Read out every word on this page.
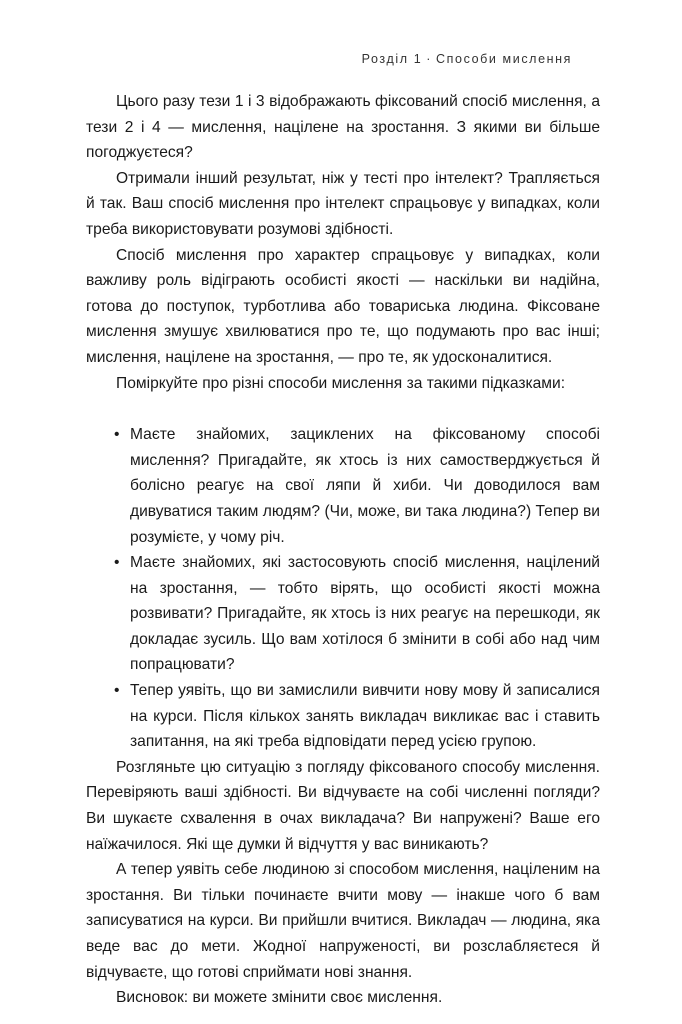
Розділ 1 · Способи мислення

Цього разу тези 1 і 3 відображають фіксований спосіб мислення, а тези 2 і 4 — мислення, націлене на зростання. З якими ви більше погоджуєтеся?

Отримали інший результат, ніж у тесті про інтелект? Трапляється й так. Ваш спосіб мислення про інтелект спрацьовує у випадках, коли треба використовувати розумові здібності.

Спосіб мислення про характер спрацьовує у випадках, коли важливу роль відіграють особисті якості — наскільки ви надійна, готова до поступок, турботлива або товариська людина. Фіксоване мислення змушує хвилюватися про те, що подумають про вас інші; мислення, націлене на зростання, — про те, як удосконалитися.

Поміркуйте про різні способи мислення за такими підказками:

• Маєте знайомих, зациклених на фіксованому способі мислення? Пригадайте, як хтось із них самостверджується й болісно реагує на свої ляпи й хиби. Чи доводилося вам дивуватися таким людям? (Чи, може, ви така людина?) Тепер ви розумієте, у чому річ.
• Маєте знайомих, які застосовують спосіб мислення, націлений на зростання, — тобто вірять, що особисті якості можна розвивати? Пригадайте, як хтось із них реагує на перешкоди, як докладає зусиль. Що вам хотілося б змінити в собі або над чим попрацювати?
• Тепер уявіть, що ви замислили вивчити нову мову й записалися на курси. Після кількох занять викладач викликає вас і ставить запитання, на які треба відповідати перед усією групою.

Розгляньте цю ситуацію з погляду фіксованого способу мислення. Перевіряють ваші здібності. Ви відчуваєте на собі численні погляди? Ви шукаєте схвалення в очах викладача? Ви напружені? Ваше его наїжачилося. Які ще думки й відчуття у вас виникають?

А тепер уявіть себе людиною зі способом мислення, націленим на зростання. Ви тільки починаєте вчити мову — інакше чого б вам записуватися на курси. Ви прийшли вчитися. Викладач — людина, яка веде вас до мети. Жодної напруженості, ви розслабляєтеся й відчуваєте, що готові сприймати нові знання.

Висновок: ви можете змінити своє мислення.
